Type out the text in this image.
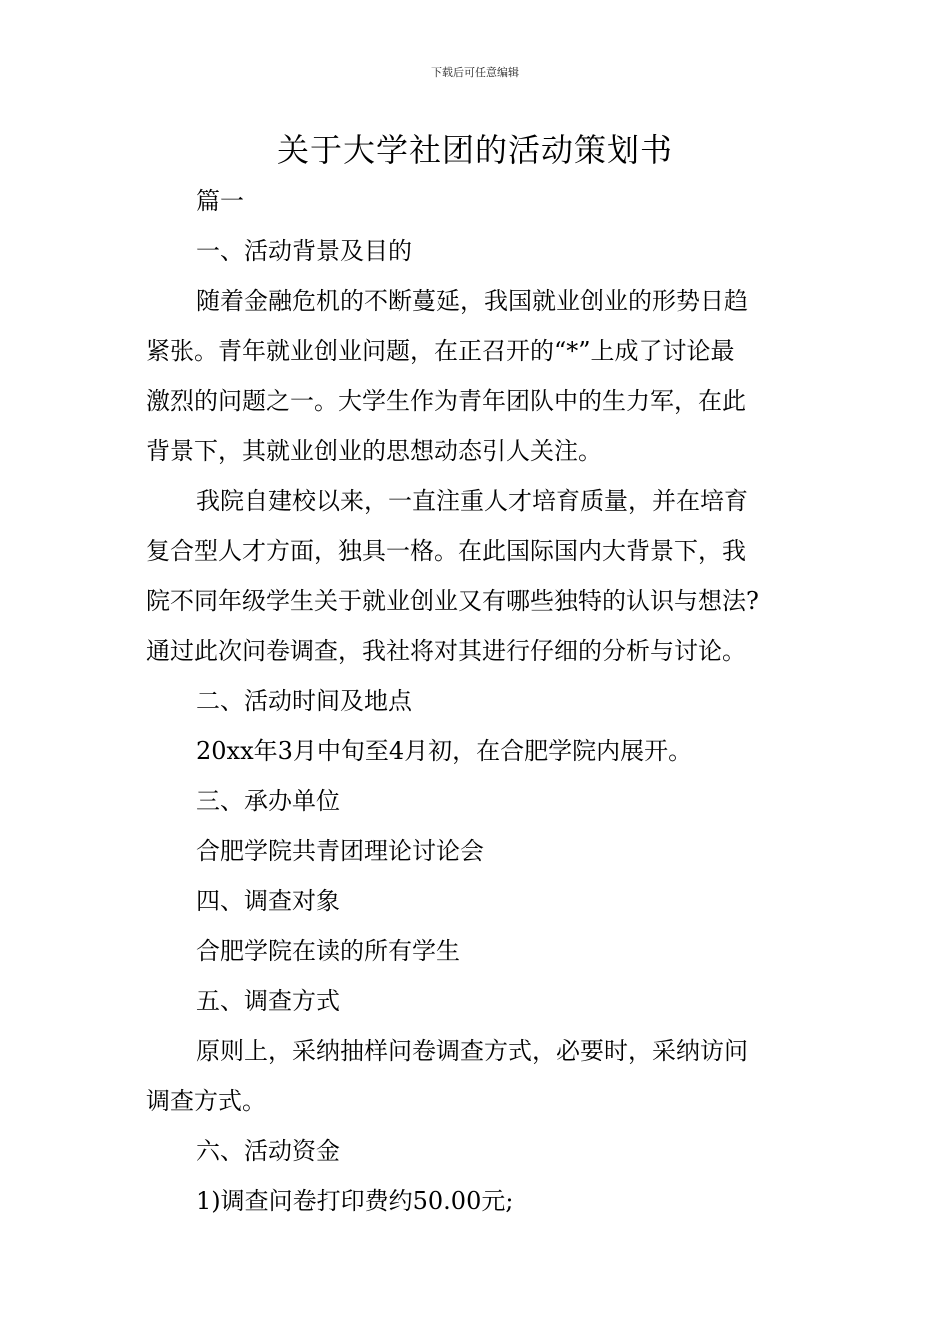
下载后可任意编辑
关于大学社团的活动策划书
篇一
一、活动背景及目的
随着金融危机的不断蔓延，我国就业创业的形势日趋
紧张。青年就业创业问题，在正召开的“*”上成了讨论最
激烈的问题之一。大学生作为青年团队中的生力军，在此
背景下，其就业创业的思想动态引人关注。
我院自建校以来，一直注重人才培育质量，并在培育
复合型人才方面，独具一格。在此国际国内大背景下，我
院不同年级学生关于就业创业又有哪些独特的认识与想法?
通过此次问卷调查，我社将对其进行仔细的分析与讨论。
二、活动时间及地点
20xx年3月中旬至4月初，在合肥学院内展开。
三、承办单位
合肥学院共青团理论讨论会
四、调查对象
合肥学院在读的所有学生
五、调查方式
原则上，采纳抽样问卷调查方式，必要时，采纳访问
调查方式。
六、活动资金
1)调查问卷打印费约50.00元;
